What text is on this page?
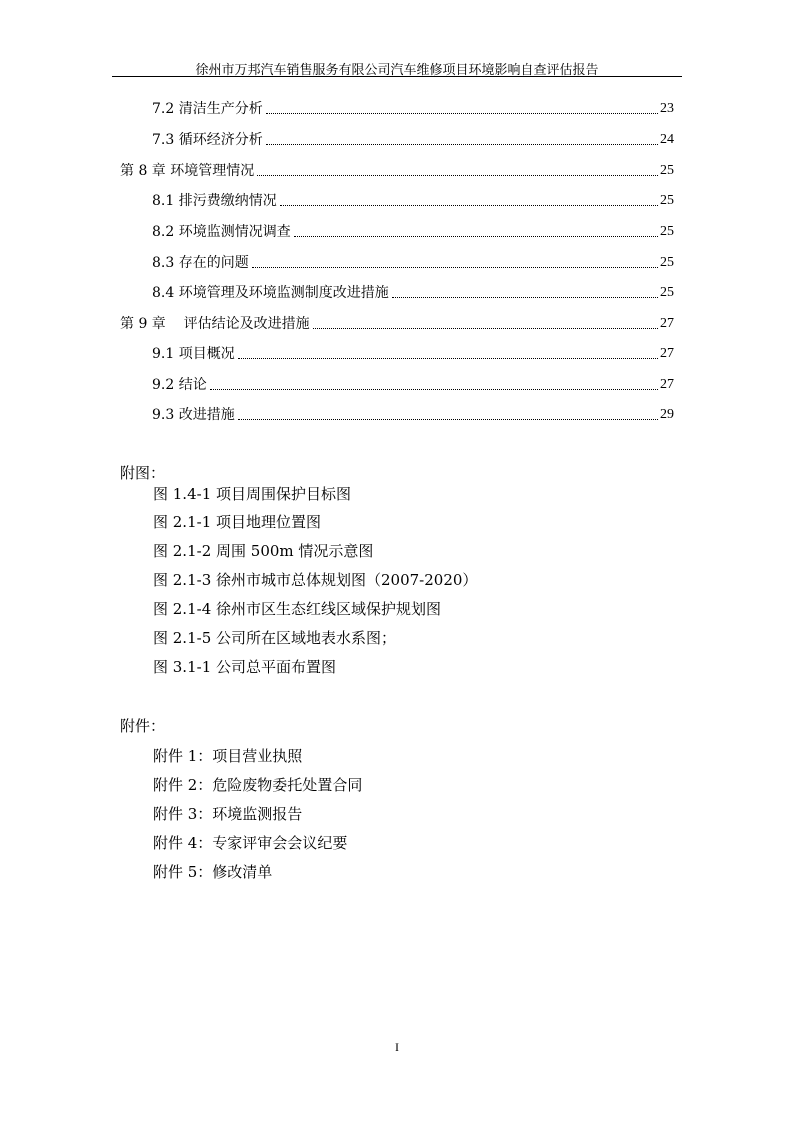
徐州市万邦汽车销售服务有限公司汽车维修项目环境影响自查评估报告
7.2 清洁生产分析	23
7.3 循环经济分析	24
第 8 章 环境管理情况	25
8.1 排污费缴纳情况	25
8.2 环境监测情况调查	25
8.3 存在的问题	25
8.4 环境管理及环境监测制度改进措施	25
第 9 章    评估结论及改进措施	27
9.1 项目概况	27
9.2 结论	27
9.3 改进措施	29
附图：
图 1.4-1 项目周围保护目标图
图 2.1-1 项目地理位置图
图 2.1-2 周围 500m 情况示意图
图 2.1-3 徐州市城市总体规划图（2007-2020）
图 2.1-4 徐州市区生态红线区域保护规划图
图 2.1-5 公司所在区域地表水系图；
图 3.1-1 公司总平面布置图
附件：
附件 1：项目营业执照
附件 2：危险废物委托处置合同
附件 3：环境监测报告
附件 4：专家评审会会议纪要
附件 5：修改清单
I
